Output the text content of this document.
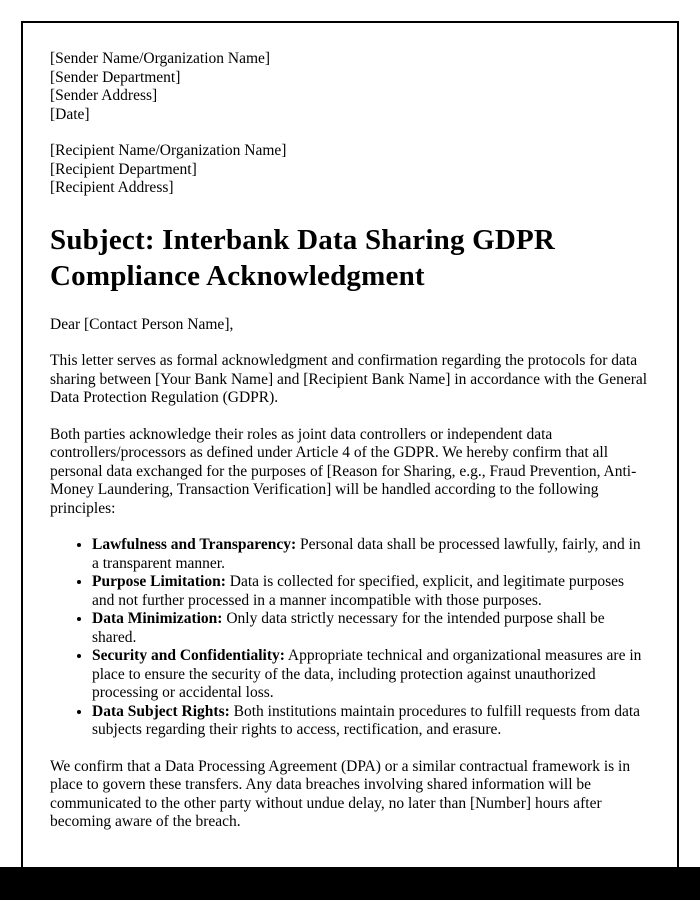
[Sender Name/Organization Name]
[Sender Department]
[Sender Address]
[Date]
[Recipient Name/Organization Name]
[Recipient Department]
[Recipient Address]
Subject: Interbank Data Sharing GDPR Compliance Acknowledgment

Dear [Contact Person Name],

This letter serves as formal acknowledgment and confirmation regarding the protocols for data sharing between [Your Bank Name] and [Recipient Bank Name] in accordance with the General Data Protection Regulation (GDPR).

Both parties acknowledge their roles as joint data controllers or independent data controllers/processors as defined under Article 4 of the GDPR. We hereby confirm that all personal data exchanged for the purposes of [Reason for Sharing, e.g., Fraud Prevention, Anti-Money Laundering, Transaction Verification] will be handled according to the following principles:

• Lawfulness and Transparency: Personal data shall be processed lawfully, fairly, and in a transparent manner.
• Purpose Limitation: Data is collected for specified, explicit, and legitimate purposes and not further processed in a manner incompatible with those purposes.
• Data Minimization: Only data strictly necessary for the intended purpose shall be shared.
• Security and Confidentiality: Appropriate technical and organizational measures are in place to ensure the security of the data, including protection against unauthorized processing or accidental loss.
• Data Subject Rights: Both institutions maintain procedures to fulfill requests from data subjects regarding their rights to access, rectification, and erasure.

We confirm that a Data Processing Agreement (DPA) or a similar contractual framework is in place to govern these transfers. Any data breaches involving shared information will be communicated to the other party without undue delay, no later than [Number] hours after becoming aware of the breach.
